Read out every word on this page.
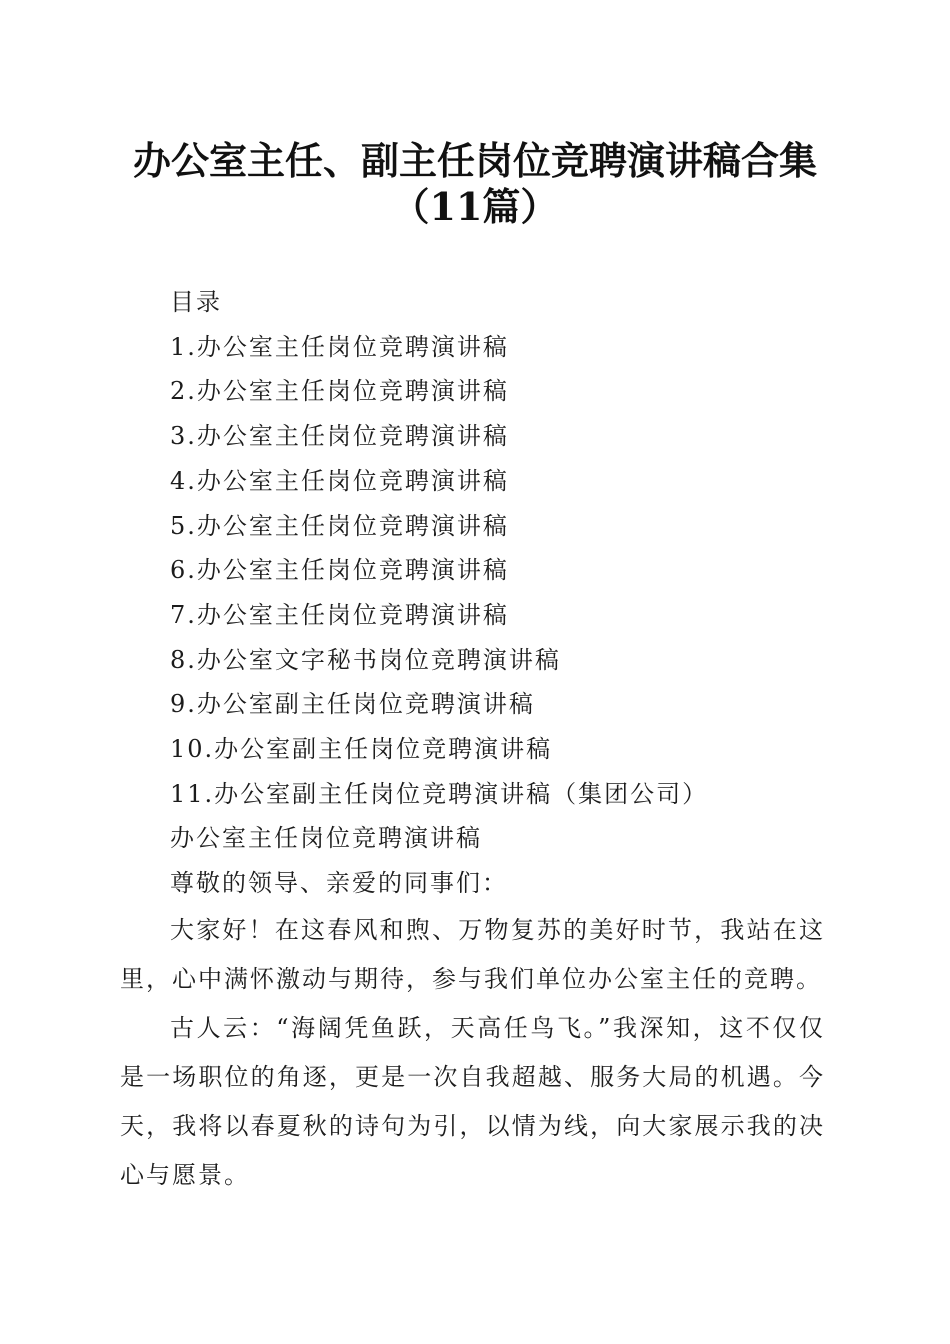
办公室主任、副主任岗位竞聘演讲稿合集（11篇）

目录

1.办公室主任岗位竞聘演讲稿

2.办公室主任岗位竞聘演讲稿

3.办公室主任岗位竞聘演讲稿

4.办公室主任岗位竞聘演讲稿

5.办公室主任岗位竞聘演讲稿

6.办公室主任岗位竞聘演讲稿

7.办公室主任岗位竞聘演讲稿

8.办公室文字秘书岗位竞聘演讲稿

9.办公室副主任岗位竞聘演讲稿

10.办公室副主任岗位竞聘演讲稿

11.办公室副主任岗位竞聘演讲稿（集团公司）

办公室主任岗位竞聘演讲稿

尊敬的领导、亲爱的同事们：

大家好！在这春风和煦、万物复苏的美好时节，我站在这里，心中满怀激动与期待，参与我们单位办公室主任的竞聘。

古人云：“海阔凭鱼跃，天高任鸟飞。”我深知，这不仅仅是一场职位的角逐，更是一次自我超越、服务大局的机遇。今天，我将以春夏秋的诗句为引，以情为线，向大家展示我的决心与愿景。
